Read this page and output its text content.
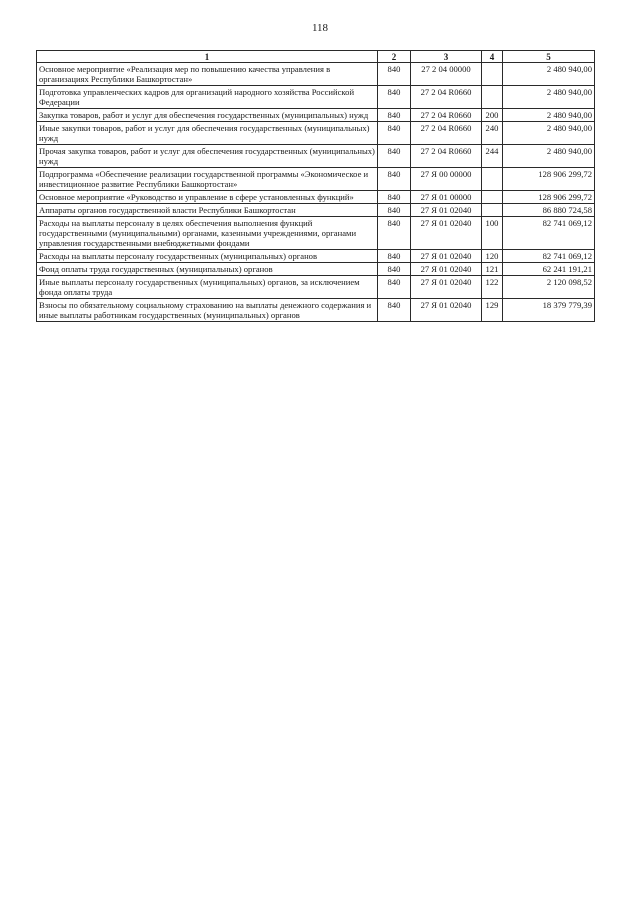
118
1	2	3	4	5
Основное мероприятие «Реализация мер по повышению качества управления в организациях Республики Башкортостан»	840	27 2 04 00000		2 480 940,00
Подготовка управленческих кадров для организаций народного хозяйства Российской Федерации	840	27 2 04 R0660		2 480 940,00
Закупка товаров, работ и услуг для обеспечения государственных (муниципальных) нужд	840	27 2 04 R0660	200	2 480 940,00
Иные закупки товаров, работ и услуг для обеспечения государственных (муниципальных) нужд	840	27 2 04 R0660	240	2 480 940,00
Прочая закупка товаров, работ и услуг для обеспечения государственных (муниципальных) нужд	840	27 2 04 R0660	244	2 480 940,00
Подпрограмма «Обеспечение реализации государственной программы «Экономическое и инвестиционное развитие Республики Башкортостан»	840	27 Я 00 00000		128 906 299,72
Основное мероприятие «Руководство и управление в сфере установленных функций»	840	27 Я 01 00000		128 906 299,72
Аппараты органов государственной власти Республики Башкортостан	840	27 Я 01 02040		86 880 724,58
Расходы на выплаты персоналу в целях обеспечения выполнения функций государственными (муниципальными) органами, казенными учреждениями, органами управления государственными внебюджетными фондами	840	27 Я 01 02040	100	82 741 069,12
Расходы на выплаты персоналу государственных (муниципальных) органов	840	27 Я 01 02040	120	82 741 069,12
Фонд оплаты труда государственных (муниципальных) органов	840	27 Я 01 02040	121	62 241 191,21
Иные выплаты персоналу государственных (муниципальных) органов, за исключением фонда оплаты труда	840	27 Я 01 02040	122	2 120 098,52
Взносы по обязательному социальному страхованию на выплаты денежного содержания и иные выплаты работникам государственных (муниципальных) органов	840	27 Я 01 02040	129	18 379 779,39
